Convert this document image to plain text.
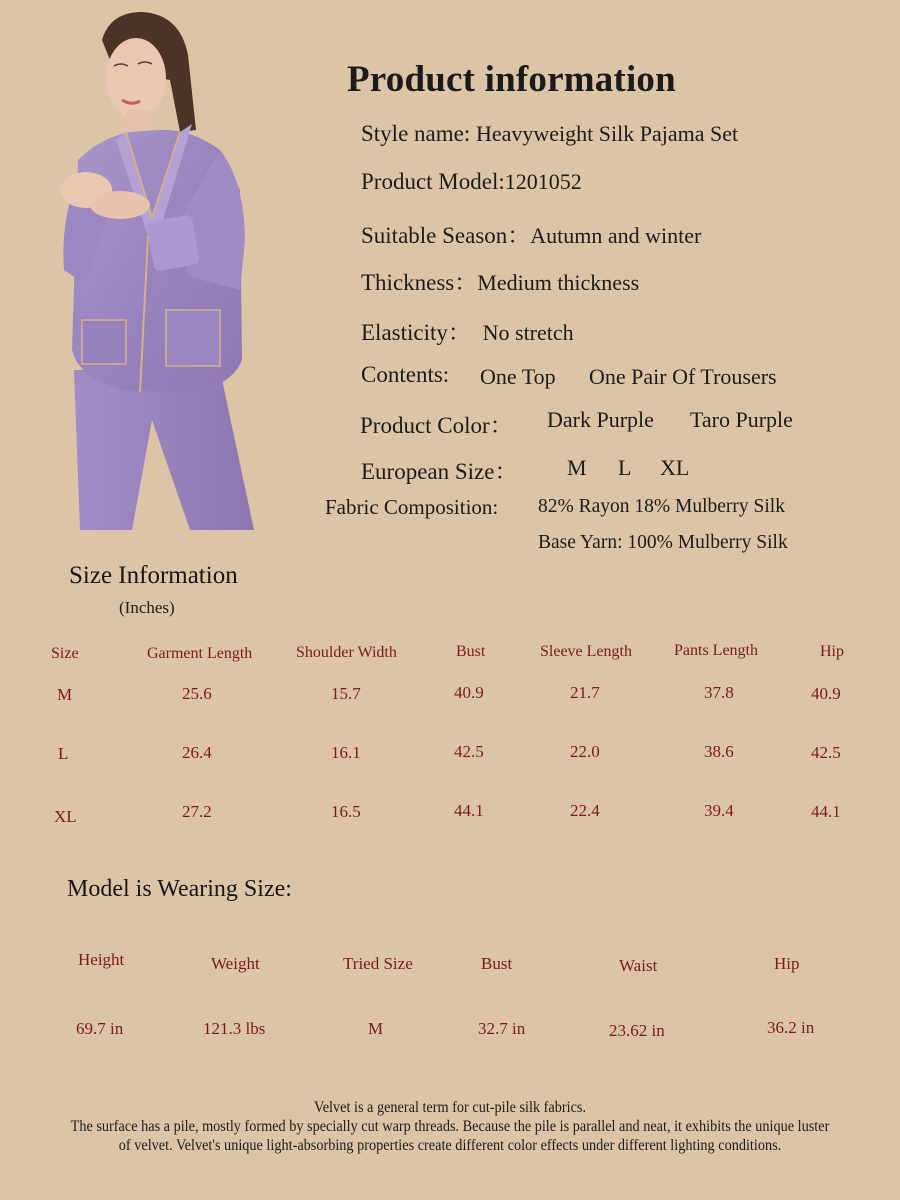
Product information
Style name: Heavyweight Silk Pajama Set
Product Model:1201052
Suitable Season：Autumn and winter
Thickness：Medium thickness
Elasticity： No stretch
Contents: One Top One Pair Of Trousers
Product Color： Dark Purple Taro Purple
European Size： M L XL
Fabric Composition: 82% Rayon 18% Mulberry Silk
Base Yarn: 100% Mulberry Silk
Size Information
(Inches)
Size	Garment Length	Shoulder Width	Bust	Sleeve Length	Pants Length	Hip
M	25.6	15.7	40.9	21.7	37.8	40.9
L	26.4	16.1	42.5	22.0	38.6	42.5
XL	27.2	16.5	44.1	22.4	39.4	44.1
Model is Wearing Size:
Height	Weight	Tried Size	Bust	Waist	Hip
69.7 in	121.3 lbs	M	32.7 in	23.62 in	36.2 in
Velvet is a general term for cut-pile silk fabrics.
The surface has a pile, mostly formed by specially cut warp threads. Because the pile is parallel and neat, it exhibits the unique luster of velvet. Velvet's unique light-absorbing properties create different color effects under different lighting conditions.
